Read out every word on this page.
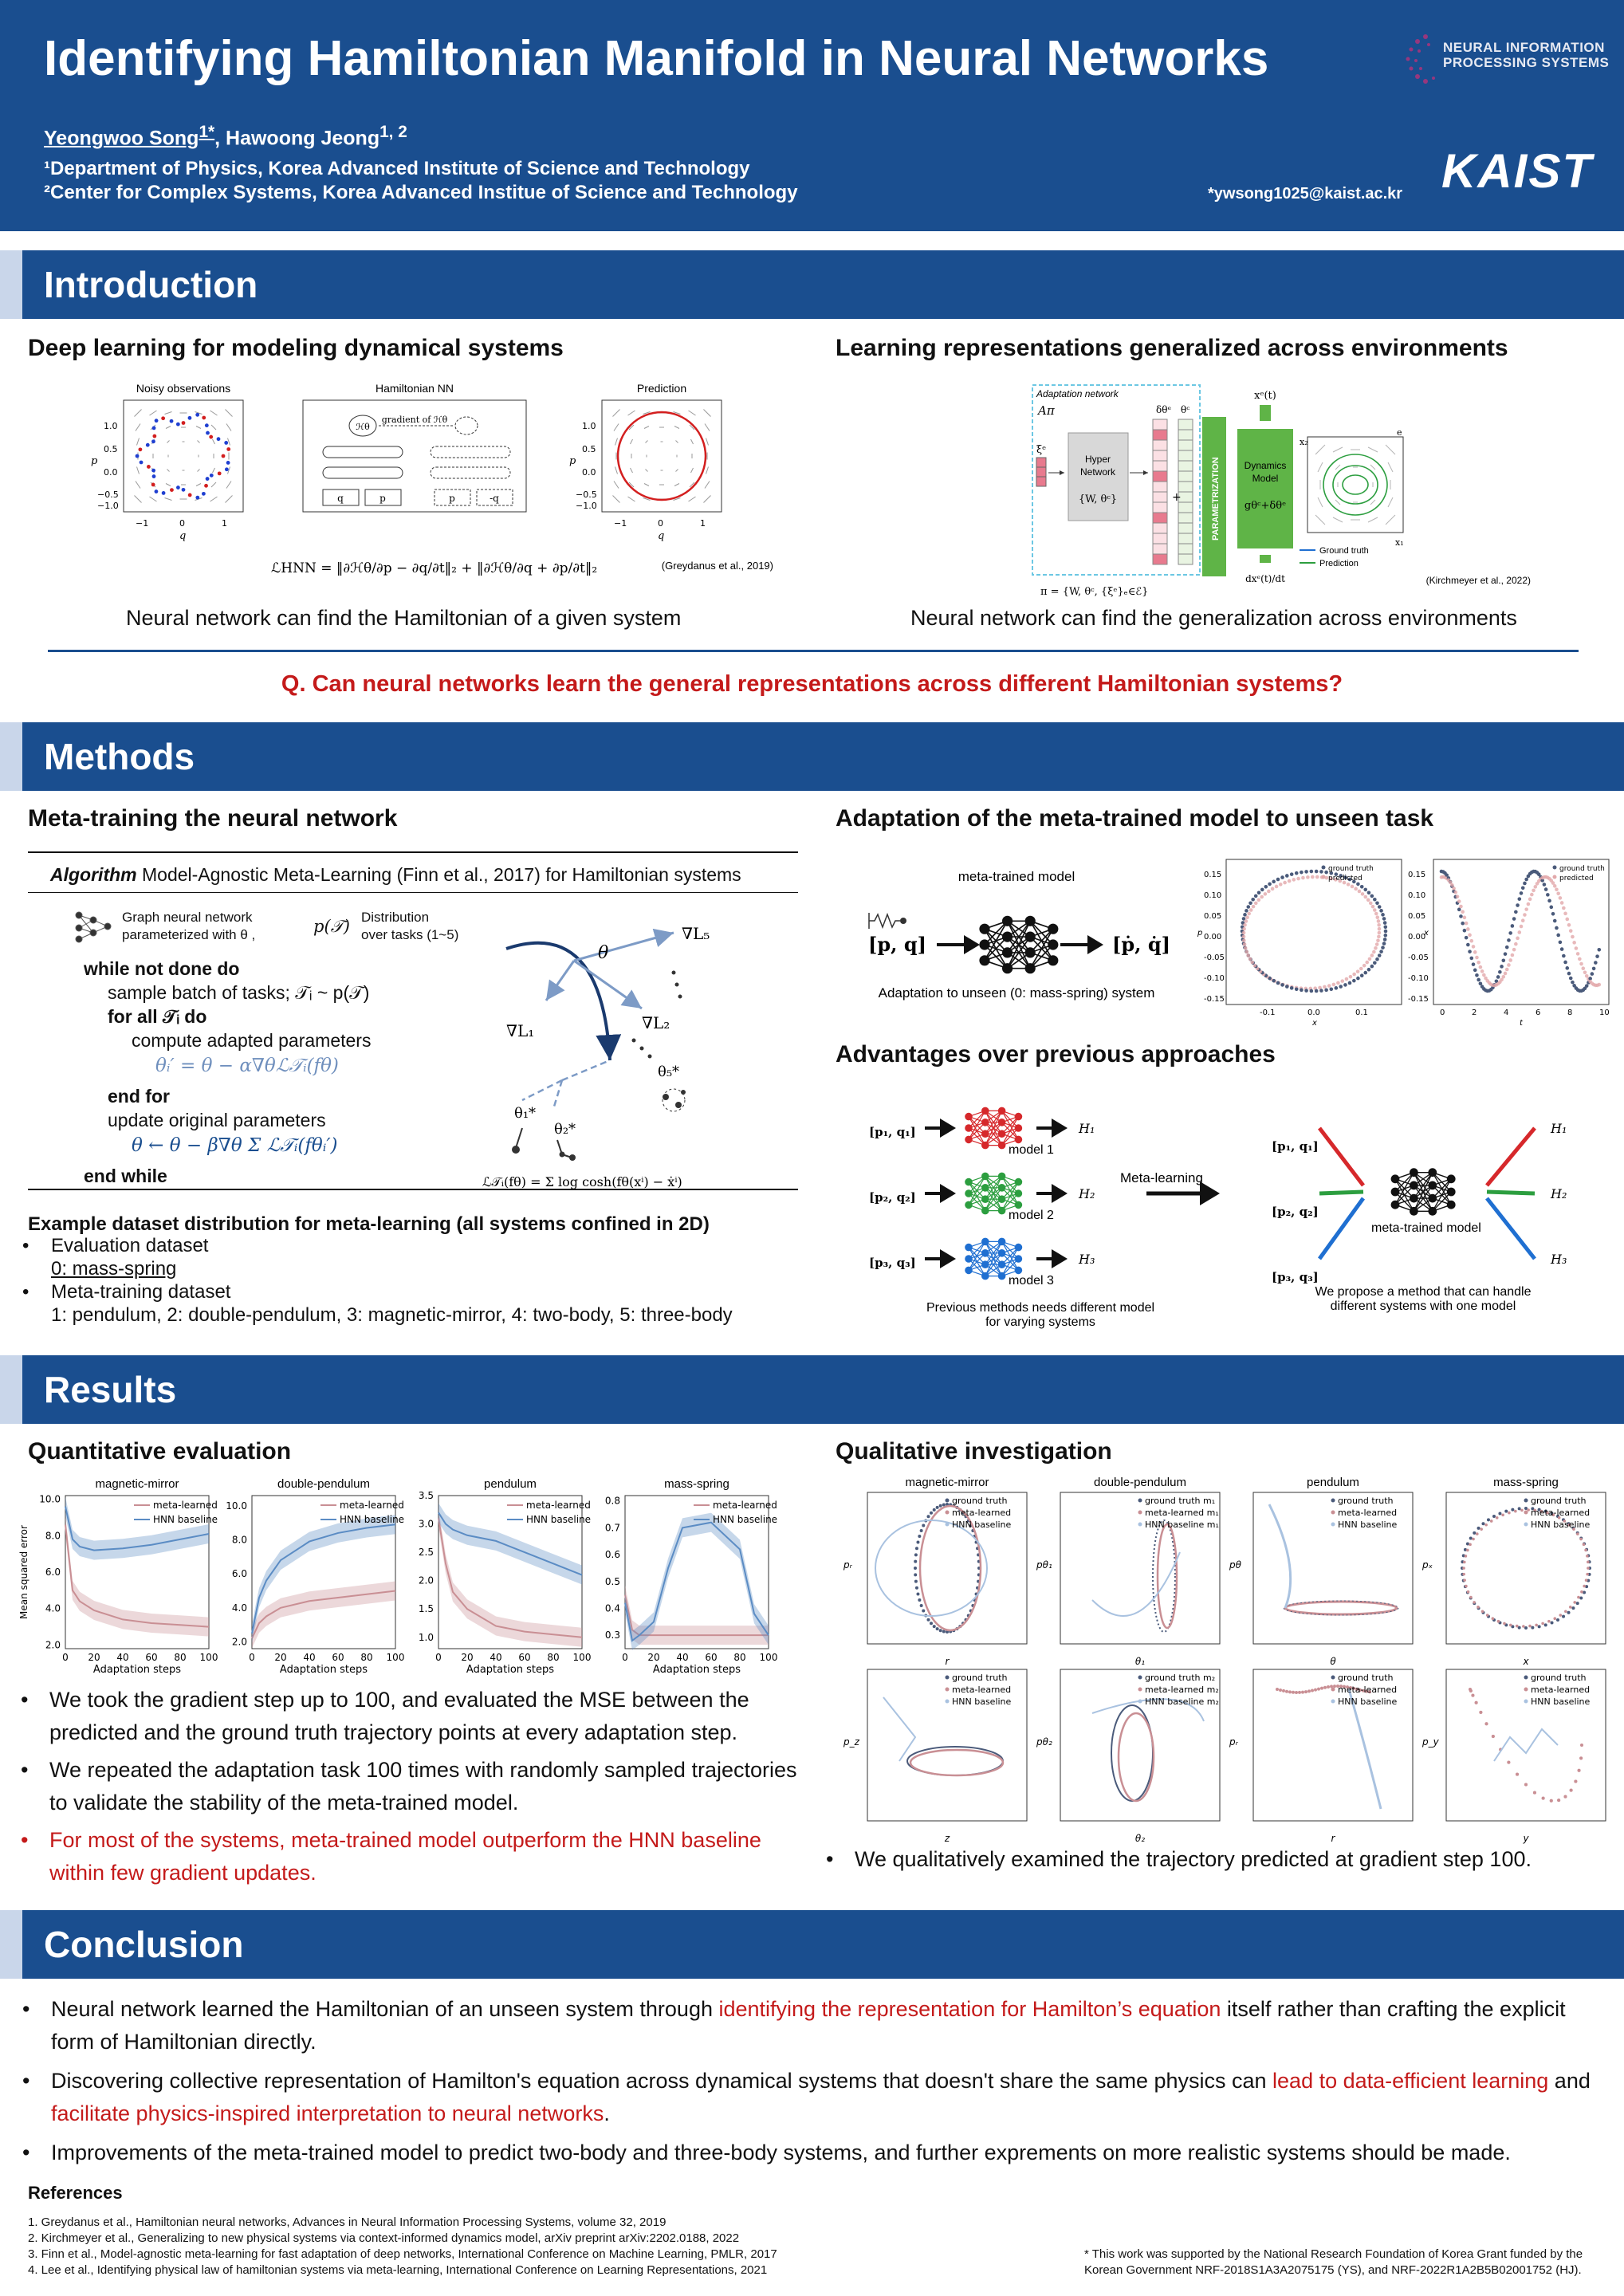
Identifying Hamiltonian Manifold in Neural Networks
Yeongwoo Song$^{1*}$, Hawoong Jeong$^{1, 2}$
¹Department of Physics, Korea Advanced Institute of Science and Technology
²Center for Complex Systems, Korea Advanced Institue of Science and Technology	*ywsong1025@kaist.ac.kr
NEURAL INFORMATION
PROCESSING SYSTEMS
KAIST
Introduction
Deep learning for modeling dynamical systems	Learning representations generalized across environments
Noisy observations	Hamiltonian NN	Prediction
1.0
0.5
0.0
−0.5
−1.0
p
−1	0	1
q
ℋθ
gradient of ℋθ
q	p	p	-q
1.0
0.5
0.0
−0.5
−1.0
p
−1	0	1
q
ℒHNN = ‖∂ℋθ/∂p − ∂q/∂t‖₂ + ‖∂ℋθ/∂q + ∂p/∂t‖₂	(Greydanus et al., 2019)
Neural network can find the Hamiltonian of a given system
Adaptation network
Aπ
ξᵉ
Hyper
Network
{W, θᶜ}
δθᵉ θᶜ
+	PARAMETRIZATION Dynamics
Model
gθᶜ+δθᵉ
xᵉ(t)
dxᵉ(t)/dt
π = {W, θᶜ, {ξᵉ}ₑ∈ℰ}
x₂
x₁
e
Ground truth
Prediction
(Kirchmeyer et al., 2022)
Neural network can find the generalization across environments
Q. Can neural networks learn the general representations across different Hamiltonian systems?
Methods
Meta-training the neural network
Algorithm Model-Agnostic Meta-Learning (Finn et al., 2017) for Hamiltonian systems
Graph neural network
parameterized with θ ,	p(𝒯) Distribution
over tasks (1~5)
while not done do
sample batch of tasks; 𝒯ᵢ ~ p(𝒯)
for all 𝒯ᵢ do
compute adapted parameters
θᵢ′ = θ − α∇θℒ𝒯ᵢ(fθ)
end for
update original parameters
θ ← θ − β∇θ Σ ℒ𝒯ᵢ(fθᵢ′)
end while
θ
∇L₅
∇L₁	∇L₂
θ₁*
θ₂*
θ₅*
ℒ𝒯ᵢ(fθ) = Σ log cosh(fθ(xⁱ) − ẋⁱ)
Example dataset distribution for meta-learning (all systems confined in 2D)
• Evaluation dataset
0: mass-spring
• Meta-training dataset
1: pendulum, 2: double-pendulum, 3: magnetic-mirror, 4: two-body, 5: three-body
Adaptation of the meta-trained model to unseen task
meta-trained model
[p, q]	[ṗ, q̇]
Adaptation to unseen (0: mass-spring) system
0.15
0.10
0.05
0.00
-0.05
-0.10
-0.15
-0.1	0.0	0.1
x
p
ground truth
predicted	0.15
0.10
0.05
0.00
-0.05
-0.10
-0.15
0	2	4	6	8	10
x
t
ground truth
predicted
Advantages over previous approaches
[p₁, q₁]	H₁
model 1
[p₂, q₂]	H₂
model 2
[p₃, q₃]	H₃
model 3
Meta-learning
[p₁, q₁]
H₁
[p₂, q₂]
H₂
[p₃, q₃]
H₃
meta-trained model
Previous methods needs different model
for varying systems
We propose a method that can handle
different systems with one model
Results
Quantitative evaluation	Qualitative investigation
magnetic-mirror
2.0
4.0
6.0
8.0
10.0
0 20 40 60 80 100
Adaptation steps
Mean squared error
meta-learned
HNN baseline
double-pendulum
2.0
4.0
6.0
8.0
10.0
0 20 40 60 80 100
Adaptation steps
meta-learned
HNN baseline
pendulum
1.0
1.5
2.0
2.5
3.0
3.5
0 20 40 60 80 100
Adaptation steps
meta-learned
HNN baseline
mass-spring
0.3
0.4
0.5
0.6
0.7
0.8
0 20 40 60 80 100
Adaptation steps
meta-learned
HNN baseline
• We took the gradient step up to 100, and evaluated the MSE between the predicted and the ground truth trajectory points at every adaptation step.
• We repeated the adaptation task 100 times with randomly sampled trajectories to validate the stability of the meta-trained model.
• For most of the systems, meta-trained model outperform the HNN baseline within few gradient updates.
magnetic-mirror	double-pendulum	pendulum	mass-spring
ground truth
meta-learned
HNN baseline
r
pᵣ
ground truth m₁
meta-learned m₁
HNN baseline m₁
θ₁
pθ₁
ground truth
meta-learned
HNN baseline
θ
pθ
ground truth
meta-learned
HNN baseline
x
pₓ
ground truth
meta-learned
HNN baseline
z
p_z
ground truth m₂
meta-learned m₂
HNN baseline m₂
θ₂
pθ₂
ground truth
meta-learned
HNN baseline
r
pᵣ
ground truth
meta-learned
HNN baseline
y
p_y
• We qualitatively examined the trajectory predicted at gradient step 100.
Conclusion
• Neural network learned the Hamiltonian of an unseen system through identifying the representation for Hamilton’s equation itself rather than crafting the explicit form of Hamiltonian directly.
• Discovering collective representation of Hamilton's equation across dynamical systems that doesn't share the same physics can lead to data-efficient learning and facilitate physics-inspired interpretation to neural networks.
• Improvements of the meta-trained model to predict two-body and three-body systems, and further exprements on more realistic systems should be made.
References
1. Greydanus et al., Hamiltonian neural networks, Advances in Neural Information Processing Systems, volume 32, 2019
2. Kirchmeyer et al., Generalizing to new physical systems via context-informed dynamics model, arXiv preprint arXiv:2202.0188, 2022
3. Finn et al., Model-agnostic meta-learning for fast adaptation of deep networks, International Conference on Machine Learning, PMLR, 2017
4. Lee et al., Identifying physical law of hamiltonian systems via meta-learning, International Conference on Learning Representations, 2021
* This work was supported by the National Research Foundation of Korea Grant funded by the Korean Government NRF-2018S1A3A2075175 (YS), and NRF-2022R1A2B5B02001752 (HJ).
